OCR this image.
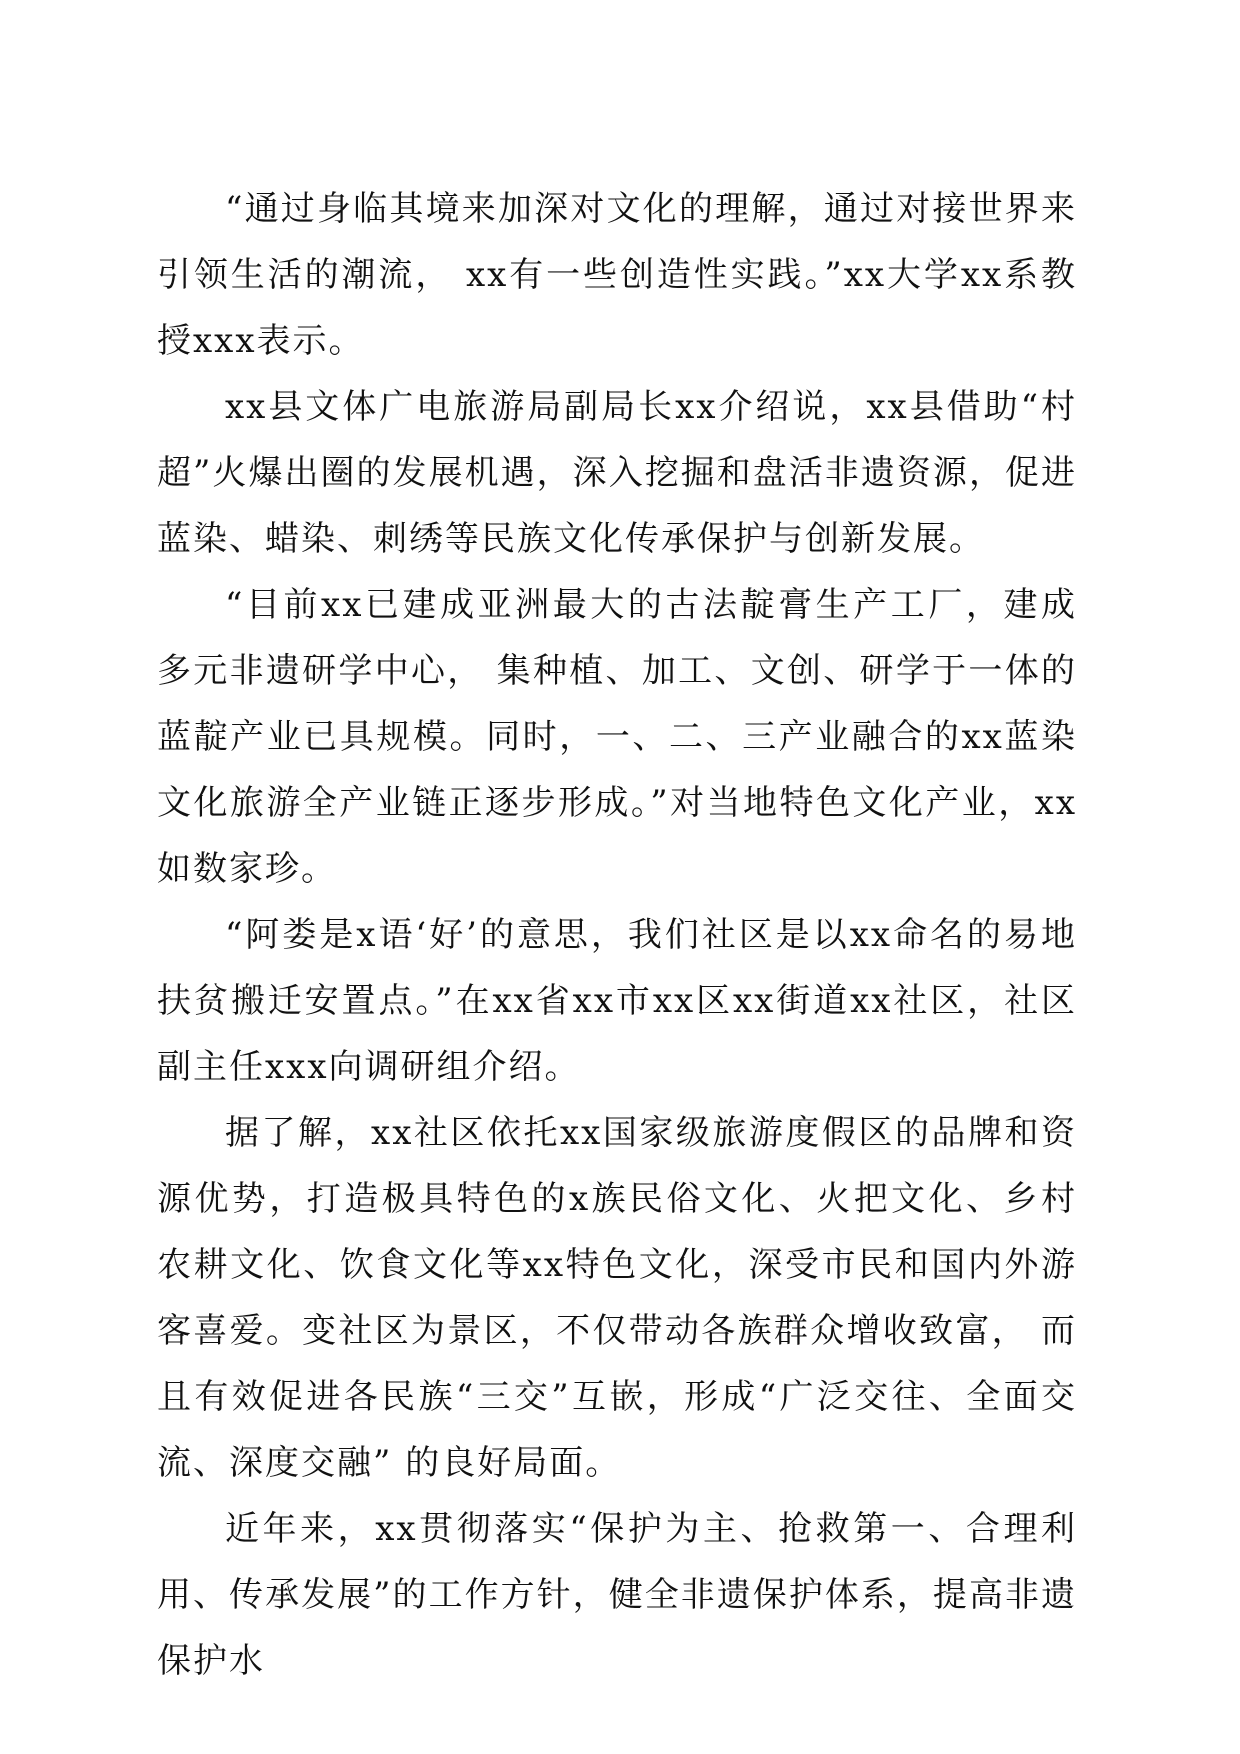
“通过身临其境来加深对文化的理解，通过对接世界来引领生活的潮流， xx有一些创造性实践。”xx大学xx系教授xxx表示。

xx县文体广电旅游局副局长xx介绍说，xx县借助“村超”火爆出圈的发展机遇，深入挖掘和盘活非遗资源，促进蓝染、蜡染、刺绣等民族文化传承保护与创新发展。

“目前xx已建成亚洲最大的古法靛膏生产工厂，建成多元非遗研学中心， 集种植、加工、文创、研学于一体的蓝靛产业已具规模。同时，一、二、三产业融合的xx蓝染文化旅游全产业链正逐步形成。”对当地特色文化产业，xx如数家珍。

“阿娄是x语‘好’的意思，我们社区是以xx命名的易地扶贫搬迁安置点。”在xx省xx市xx区xx街道xx社区，社区副主任xxx向调研组介绍。

据了解，xx社区依托xx国家级旅游度假区的品牌和资源优势，打造极具特色的x族民俗文化、火把文化、乡村农耕文化、饮食文化等xx特色文化，深受市民和国内外游客喜爱。变社区为景区，不仅带动各族群众增收致富， 而且有效促进各民族“三交”互嵌，形成“广泛交往、全面交流、深度交融” 的良好局面。

近年来，xx贯彻落实“保护为主、抢救第一、合理利用、传承发展”的工作方针，健全非遗保护体系，提高非遗保护水
